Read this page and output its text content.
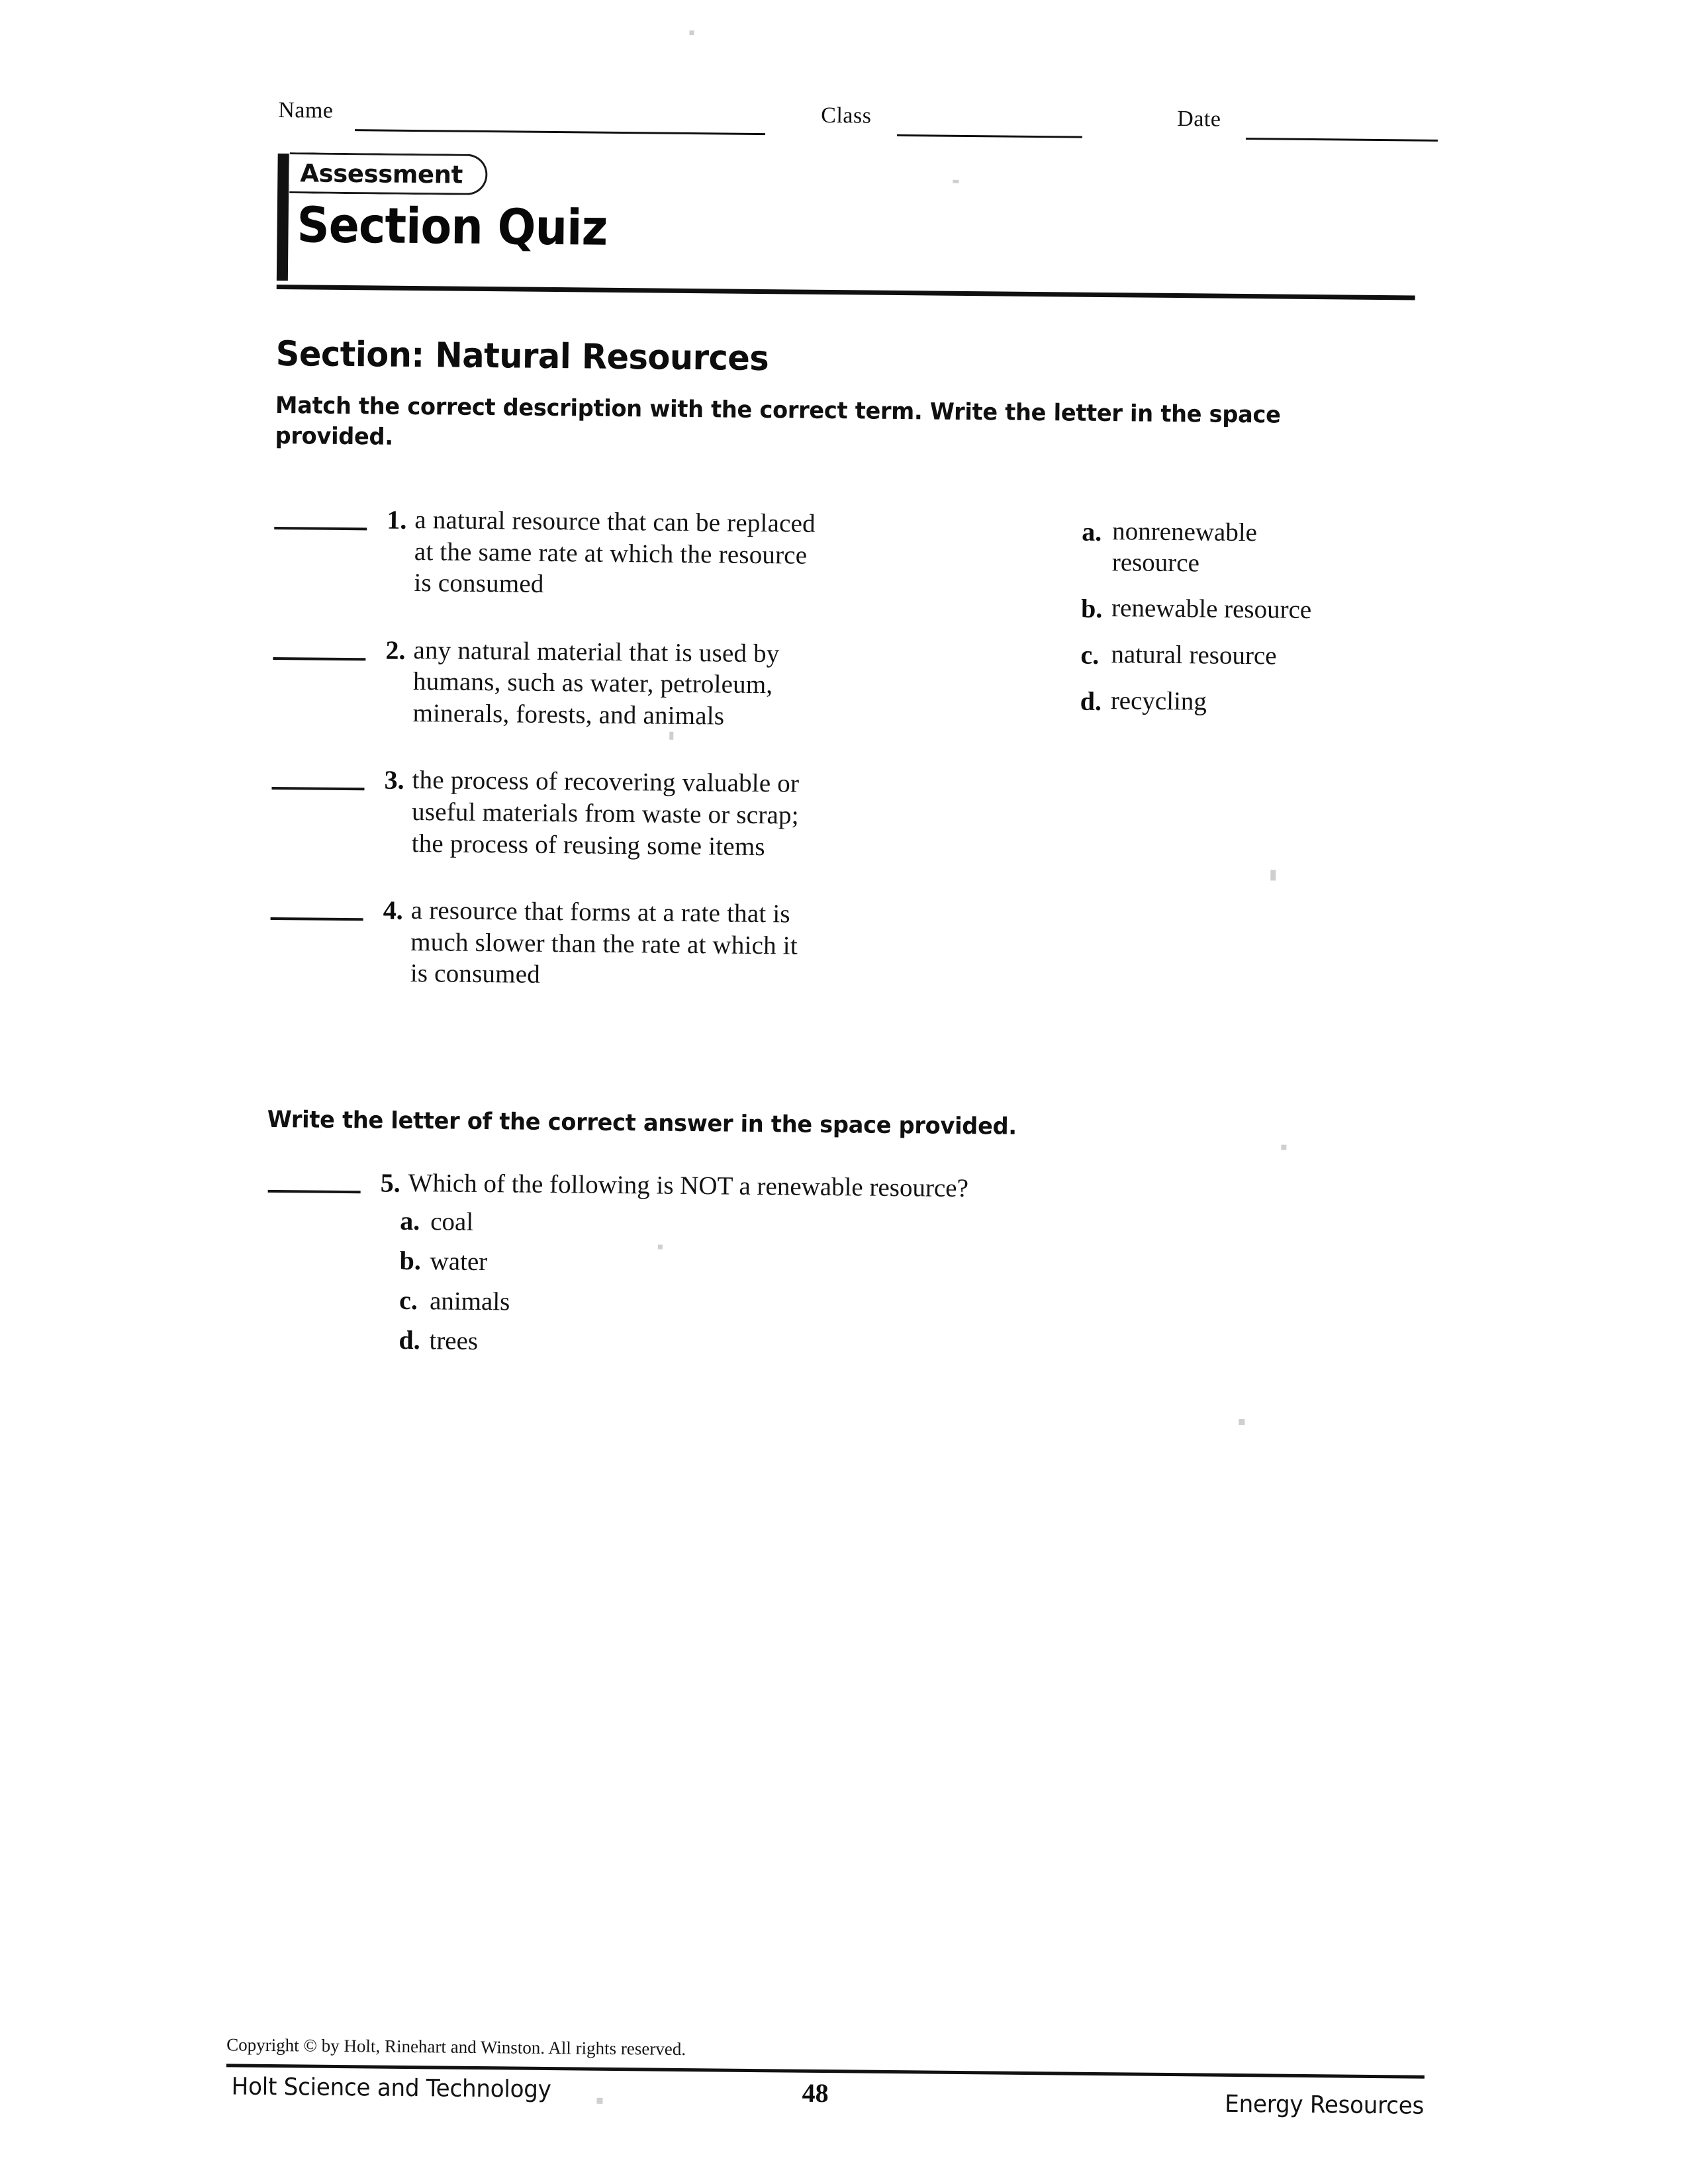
Name	Class	Date
Assessment
Section Quiz
Section: Natural Resources
Match the correct description with the correct term. Write the letter in the space provided.
1. a natural resource that can be replaced
at the same rate at which the resource
is consumed
2. any natural material that is used by
humans, such as water, petroleum,
minerals, forests, and animals
3. the process of recovering valuable or
useful materials from waste or scrap;
the process of reusing some items
4. a resource that forms at a rate that is
much slower than the rate at which it
is consumed
a. nonrenewable
resource
b. renewable resource
c. natural resource
d. recycling
Write the letter of the correct answer in the space provided.
5. Which of the following is NOT a renewable resource?
a. coal
b. water
c. animals
d. trees
Copyright © by Holt, Rinehart and Winston. All rights reserved.
Holt Science and Technology	48	Energy Resources
